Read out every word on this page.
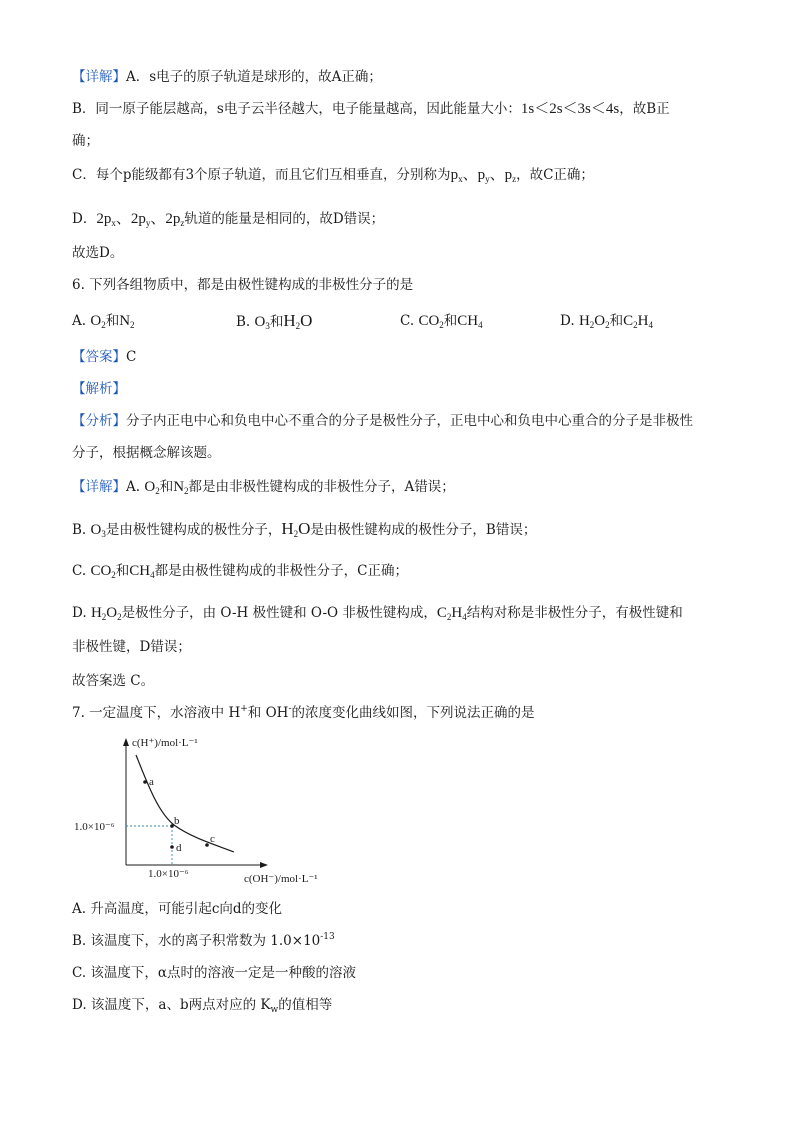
【详解】A．s电子的原子轨道是球形的，故A正确；
B．同一原子能层越高，s电子云半径越大，电子能量越高，因此能量大小：1s＜2s＜3s＜4s，故B正
确；
C．每个p能级都有3个原子轨道，而且它们互相垂直，分别称为$p_x$、$p_y$、$p_z$，故C正确；
D．$2p_x$、$2p_y$、$2p_z$轨道的能量是相同的，故D错误；
故选D。
6. 下列各组物质中，都是由极性键构成的非极性分子的是
A. $O_2$和$N_2$	B. $O_3$和$H_2O$	C. $CO_2$和$CH_4$	D. $H_2O_2$和$C_2H_4$
【答案】C
【解析】
【分析】分子内正电中心和负电中心不重合的分子是极性分子，正电中心和负电中心重合的分子是非极性
分子，根据概念解该题。
【详解】A. $O_2$和$N_2$都是由非极性键构成的非极性分子，A错误；
B. $O_3$是由极性键构成的极性分子，$H_2O$是由极性键构成的极性分子，B错误；
C. $CO_2$和$CH_4$都是由极性键构成的非极性分子，C正确；
D. $H_2O_2$是极性分子，由 O-H 极性键和 O-O 非极性键构成，$C_2H_4$结构对称是非极性分子，有极性键和
非极性键，D错误；
故答案选 C。
7. 一定温度下，水溶液中 H+和 OH-的浓度变化曲线如图，下列说法正确的是
c(H⁺)/mol·L⁻¹
a
b
c
d
1.0×10⁻⁶
1.0×10⁻⁶	c(OH⁻)/mol·L⁻¹
A. 升高温度，可能引起c向d的变化
B. 该温度下，水的离子积常数为 $1.0\times 10^{-13}$
C. 该温度下，α点时的溶液一定是一种酸的溶液
D. 该温度下，a、b两点对应的 $K_w$的值相等
